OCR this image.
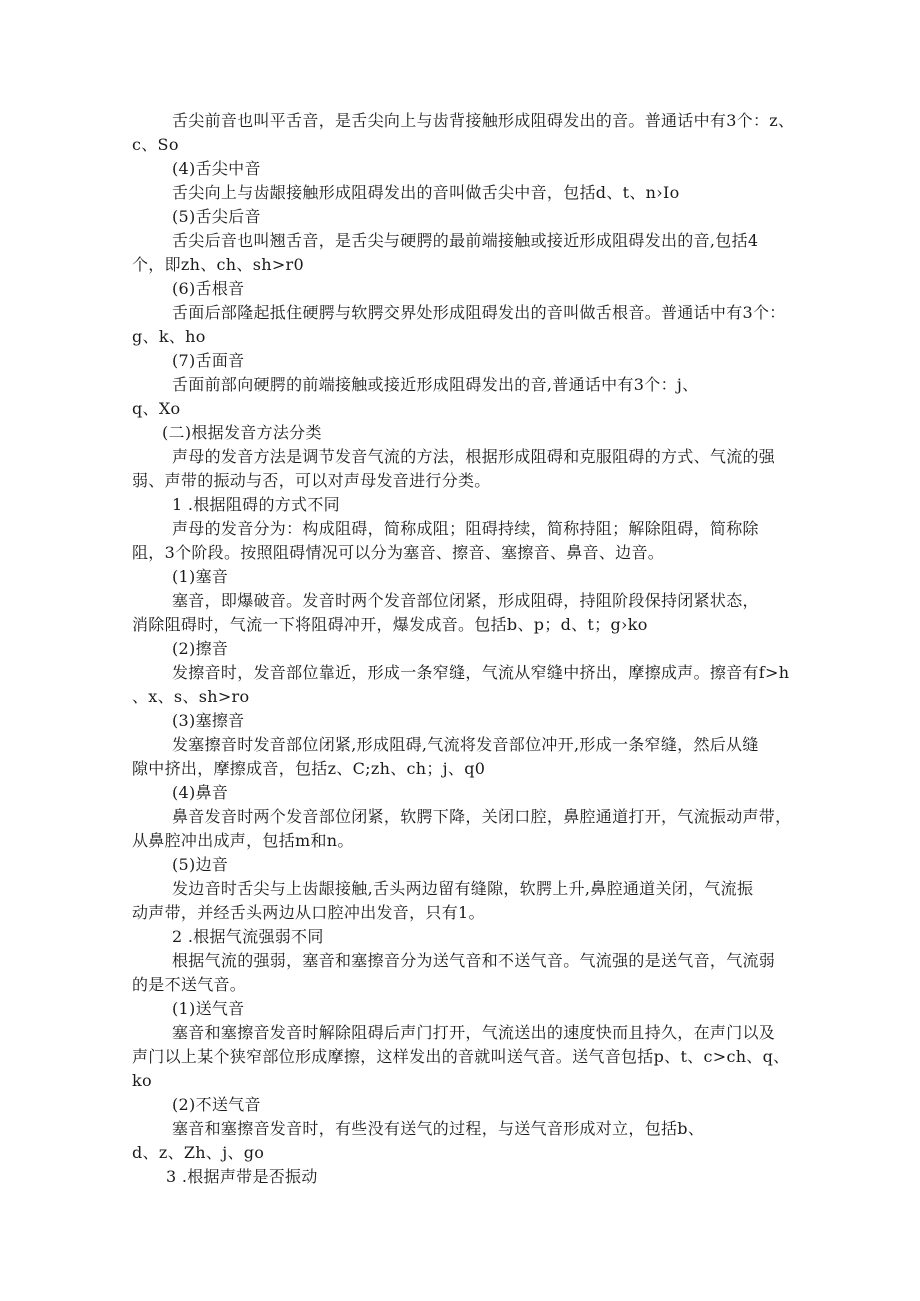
舌尖前音也叫平舌音，是舌尖向上与齿背接触形成阻碍发出的音。普通话中有3个：z、
c、So
(4)舌尖中音
舌尖向上与齿龈接触形成阻碍发出的音叫做舌尖中音，包括d、t、n›Io
(5)舌尖后音
舌尖后音也叫翘舌音，是舌尖与硬腭的最前端接触或接近形成阻碍发出的音,包括4
个，即zh、ch、sh>r0
(6)舌根音
舌面后部隆起抵住硬腭与软腭交界处形成阻碍发出的音叫做舌根音。普通话中有3个：
g、k、ho
(7)舌面音
舌面前部向硬腭的前端接触或接近形成阻碍发出的音,普通话中有3个：j、
q、Xo
(二)根据发音方法分类
声母的发音方法是调节发音气流的方法，根据形成阻碍和克服阻碍的方式、气流的强
弱、声带的振动与否，可以对声母发音进行分类。
1 .根据阻碍的方式不同
声母的发音分为：构成阻碍，简称成阻；阻碍持续，简称持阻；解除阻碍，简称除
阻，3个阶段。按照阻碍情况可以分为塞音、擦音、塞擦音、鼻音、边音。
(1)塞音
塞音，即爆破音。发音时两个发音部位闭紧，形成阻碍，持阻阶段保持闭紧状态，
消除阻碍时，气流一下将阻碍冲开，爆发成音。包括b、p；d、t；g›ko
(2)擦音
发擦音时，发音部位靠近，形成一条窄缝，气流从窄缝中挤出，摩擦成声。擦音有f>h
、x、s、sh>ro
(3)塞擦音
发塞擦音时发音部位闭紧,形成阻碍,气流将发音部位冲开,形成一条窄缝，然后从缝
隙中挤出，摩擦成音，包括z、C;zh、ch；j、q0
(4)鼻音
鼻音发音时两个发音部位闭紧，软腭下降，关闭口腔，鼻腔通道打开，气流振动声带，
从鼻腔冲出成声，包括m和n。
(5)边音
发边音时舌尖与上齿龈接触,舌头两边留有缝隙，软腭上升,鼻腔通道关闭，气流振
动声带，并经舌头两边从口腔冲出发音，只有1。
2 .根据气流强弱不同
根据气流的强弱，塞音和塞擦音分为送气音和不送气音。气流强的是送气音，气流弱
的是不送气音。
(1)送气音
塞音和塞擦音发音时解除阻碍后声门打开，气流送出的速度快而且持久，在声门以及
声门以上某个狭窄部位形成摩擦，这样发出的音就叫送气音。送气音包括p、t、c>ch、q、
ko
(2)不送气音
塞音和塞擦音发音时，有些没有送气的过程，与送气音形成对立，包括b、
d、z、Zh、j、go
3 .根据声带是否振动
